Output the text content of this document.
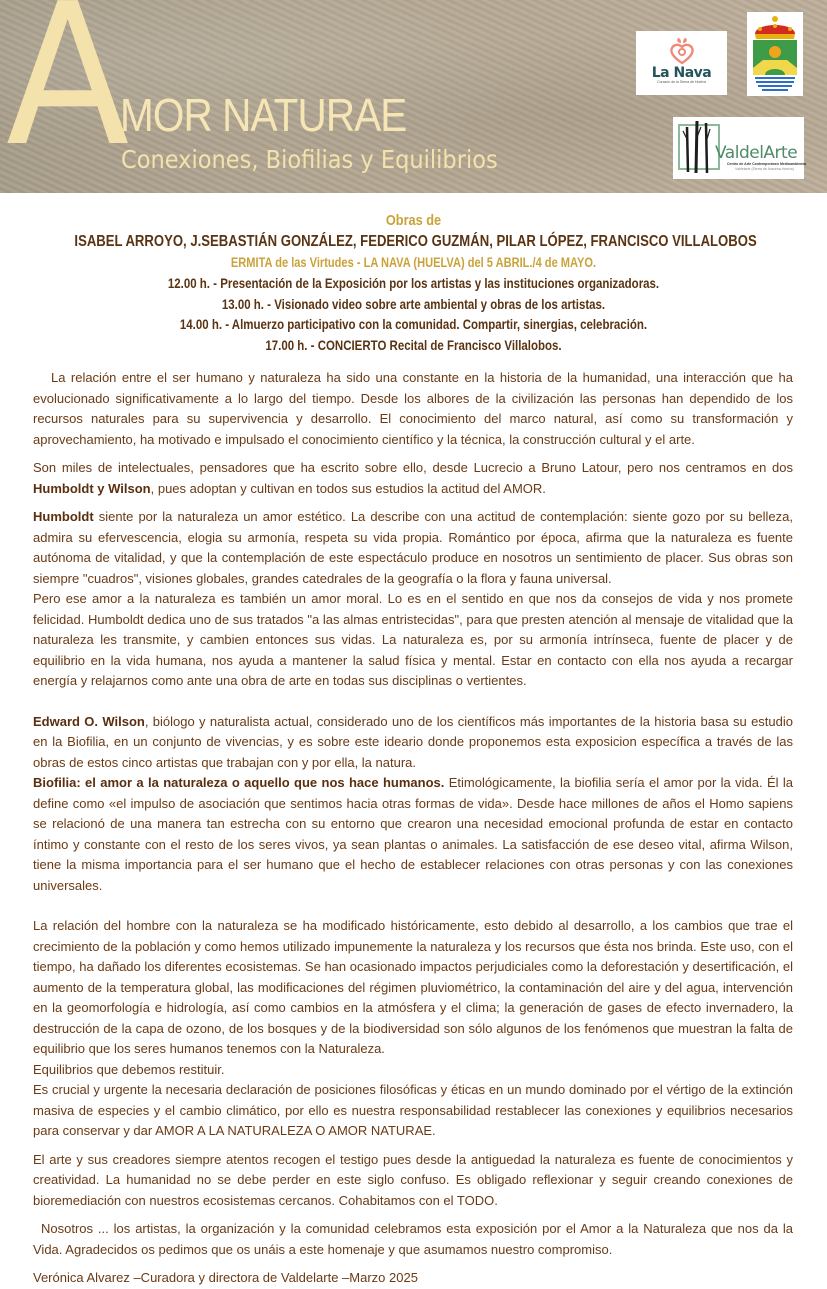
A
MOR NATURAE
Conexiones, Biofilias y Equilibrios
La Nava
Corazón de la Sierra de Huelva
ValdelArte
Centro de Arte Contemporáneo Medioambiental
Valdelarte (Sierra de Aracena-Huelva)
Obras de
ISABEL ARROYO, J.SEBASTIÁN GONZÁLEZ, FEDERICO GUZMÁN, PILAR LÓPEZ, FRANCISCO VILLALOBOS
ERMITA de las Virtudes - LA NAVA (HUELVA) del 5 ABRIL./4 de MAYO.
12.00 h. - Presentación de la Exposición por los artistas y las instituciones organizadoras.
13.00 h. - Visionado video sobre arte ambiental y obras de los artistas.
14.00 h. - Almuerzo participativo con la comunidad. Compartir, sinergias, celebración.
17.00 h. - CONCIERTO Recital de Francisco Villalobos.

La relación entre el ser humano y naturaleza ha sido una constante en la historia de la humanidad, una interacción que ha evolucionado significativamente a lo largo del tiempo. Desde los albores de la civilización las personas han dependido de los recursos naturales para su supervivencia y desarrollo. El conocimiento del marco natural, así como su transformación y aprovechamiento, ha motivado e impulsado el conocimiento científico y la técnica, la construcción cultural y el arte.

Son miles de intelectuales, pensadores que ha escrito sobre ello, desde Lucrecio a Bruno Latour, pero nos centramos en dos Humboldt y Wilson, pues adoptan y cultivan en todos sus estudios la actitud del AMOR.

Humboldt siente por la naturaleza un amor estético. La describe con una actitud de contemplación: siente gozo por su belleza, admira su efervescencia, elogia su armonía, respeta su vida propia. Romántico por época, afirma que la naturaleza es fuente autónoma de vitalidad, y que la contemplación de este espectáculo produce en nosotros un sentimiento de placer. Sus obras son siempre "cuadros", visiones globales, grandes catedrales de la geografía o la flora y fauna universal.

Pero ese amor a la naturaleza es también un amor moral. Lo es en el sentido en que nos da consejos de vida y nos promete felicidad. Humboldt dedica uno de sus tratados "a las almas entristecidas", para que presten atención al mensaje de vitalidad que la naturaleza les transmite, y cambien entonces sus vidas. La naturaleza es, por su armonía intrínseca, fuente de placer y de equilibrio en la vida humana, nos ayuda a mantener la salud física y mental. Estar en contacto con ella nos ayuda a recargar energía y relajarnos como ante una obra de arte en todas sus disciplinas o vertientes.

Edward O. Wilson, biólogo y naturalista actual, considerado uno de los científicos más importantes de la historia basa su estudio en la Biofilia, en un conjunto de vivencias, y es sobre este ideario donde proponemos esta exposicion específica a través de las obras de estos cinco artistas que trabajan con y por ella, la natura.

Biofilia: el amor a la naturaleza o aquello que nos hace humanos. Etimológicamente, la biofilia sería el amor por la vida. Él la define como «el impulso de asociación que sentimos hacia otras formas de vida». Desde hace millones de años el Homo sapiens se relacionó de una manera tan estrecha con su entorno que crearon una necesidad emocional profunda de estar en contacto íntimo y constante con el resto de los seres vivos, ya sean plantas o animales. La satisfacción de ese deseo vital, afirma Wilson, tiene la misma importancia para el ser humano que el hecho de establecer relaciones con otras personas y con las conexiones universales.

La relación del hombre con la naturaleza se ha modificado históricamente, esto debido al desarrollo, a los cambios que trae el crecimiento de la población y como hemos utilizado impunemente la naturaleza y los recursos que ésta nos brinda. Este uso, con el tiempo, ha dañado los diferentes ecosistemas. Se han ocasionado impactos perjudiciales como la deforestación y desertificación, el aumento de la temperatura global, las modificaciones del régimen pluviométrico, la contaminación del aire y del agua, intervención en la geomorfología e hidrología, así como cambios en la atmósfera y el clima; la generación de gases de efecto invernadero, la destrucción de la capa de ozono, de los bosques y de la biodiversidad son sólo algunos de los fenómenos que muestran la falta de equilibrio que los seres humanos tenemos con la Naturaleza.

Equilibrios que debemos restituir.

Es crucial y urgente la necesaria declaración de posiciones filosóficas y éticas en un mundo dominado por el vértigo de la extinción masiva de especies y el cambio climático, por ello es nuestra responsabilidad restablecer las conexiones y equilibrios necesarios para conservar y dar AMOR A LA NATURALEZA O AMOR NATURAE.

El arte y sus creadores siempre atentos recogen el testigo pues desde la antiguedad la naturaleza es fuente de conocimientos y creatividad. La humanidad no se debe perder en este siglo confuso. Es obligado reflexionar y seguir creando conexiones de bioremediación con nuestros ecosistemas cercanos. Cohabitamos con el TODO.

Nosotros ... los artistas, la organización y la comunidad celebramos esta exposición por el Amor a la Naturaleza que nos da la Vida. Agradecidos os pedimos que os unáis a este homenaje y que asumamos nuestro compromiso.

Verónica Alvarez –Curadora y directora de Valdelarte –Marzo 2025
